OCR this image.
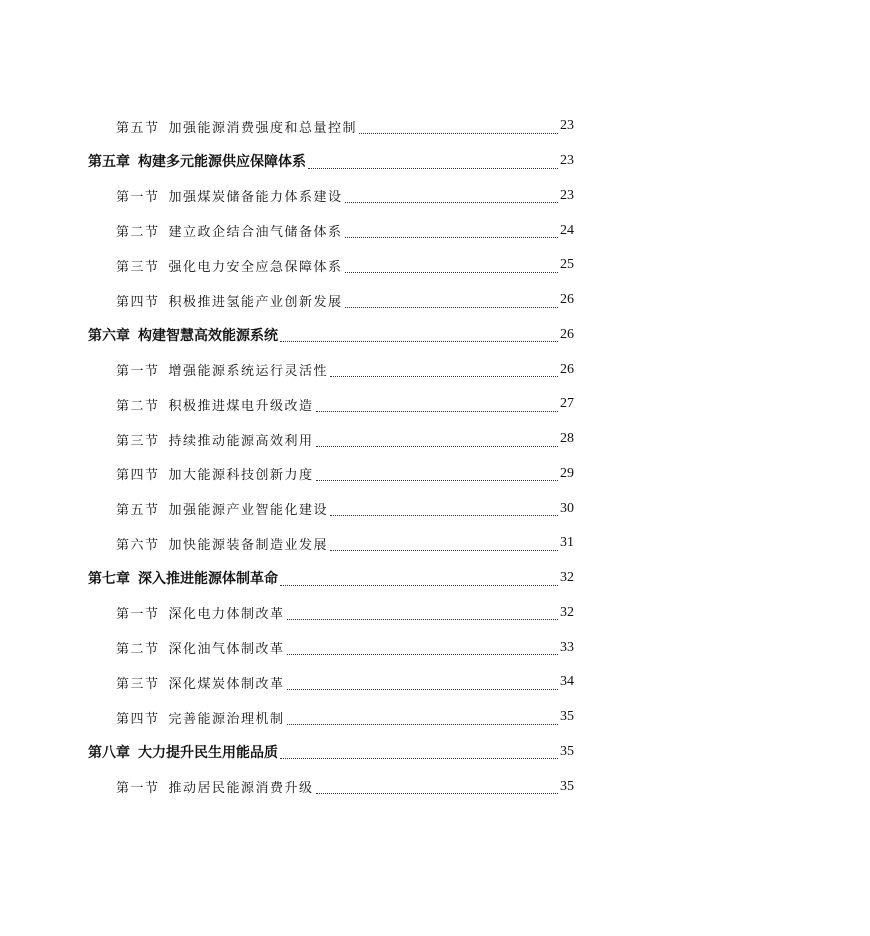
第五节 加强能源消费强度和总量控制	23
第五章 构建多元能源供应保障体系	23
第一节 加强煤炭储备能力体系建设	23
第二节 建立政企结合油气储备体系	24
第三节 强化电力安全应急保障体系	25
第四节 积极推进氢能产业创新发展	26
第六章 构建智慧高效能源系统	26
第一节 增强能源系统运行灵活性	26
第二节 积极推进煤电升级改造	27
第三节 持续推动能源高效利用	28
第四节 加大能源科技创新力度	29
第五节 加强能源产业智能化建设	30
第六节 加快能源装备制造业发展	31
第七章 深入推进能源体制革命	32
第一节 深化电力体制改革	32
第二节 深化油气体制改革	33
第三节 深化煤炭体制改革	34
第四节 完善能源治理机制	35
第八章 大力提升民生用能品质	35
第一节 推动居民能源消费升级	35
